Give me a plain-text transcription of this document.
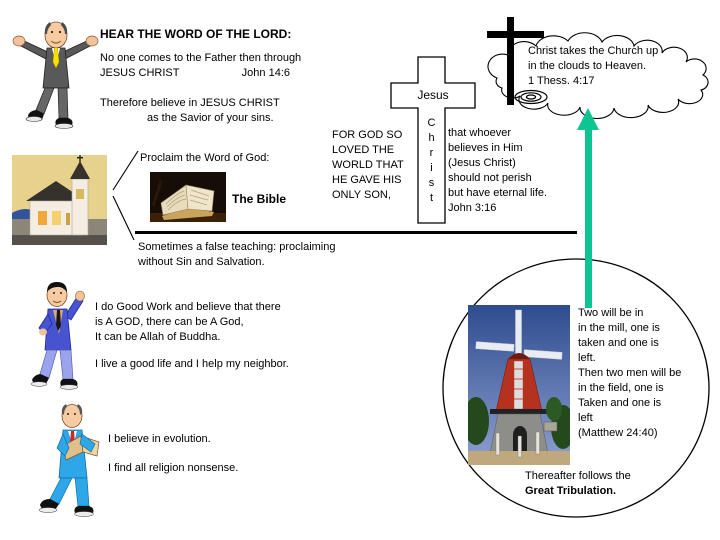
HEAR THE WORD OF THE LORD:
No one comes to the Father then through
JESUS CHRIST	John 14:6
Therefore believe in JESUS CHRIST
as the Savior of your sins.
Proclaim the Word of God:
The Bible
Sometimes a false teaching: proclaiming
without Sin and Salvation.
FOR GOD SO
LOVED THE
WORLD THAT
HE GAVE HIS
ONLY SON,
that whoever
believes in Him
(Jesus Christ)
should not perish
but have eternal life.
John 3:16
Jesus
C
h
r
i
s
t
Christ takes the Church up
in the clouds to Heaven.
1 Thess. 4:17
I do Good Work and believe that there
is A GOD, there can be A God,
It can be Allah of Buddha.
I live a good life and I help my neighbor.
I believe in evolution.
I find all religion nonsense.
Two will be in
in the mill, one is
taken and one is
left.
Then two men will be
in the field, one is
Taken and one is
left
(Matthew 24:40)
Thereafter follows the
Great Tribulation.
